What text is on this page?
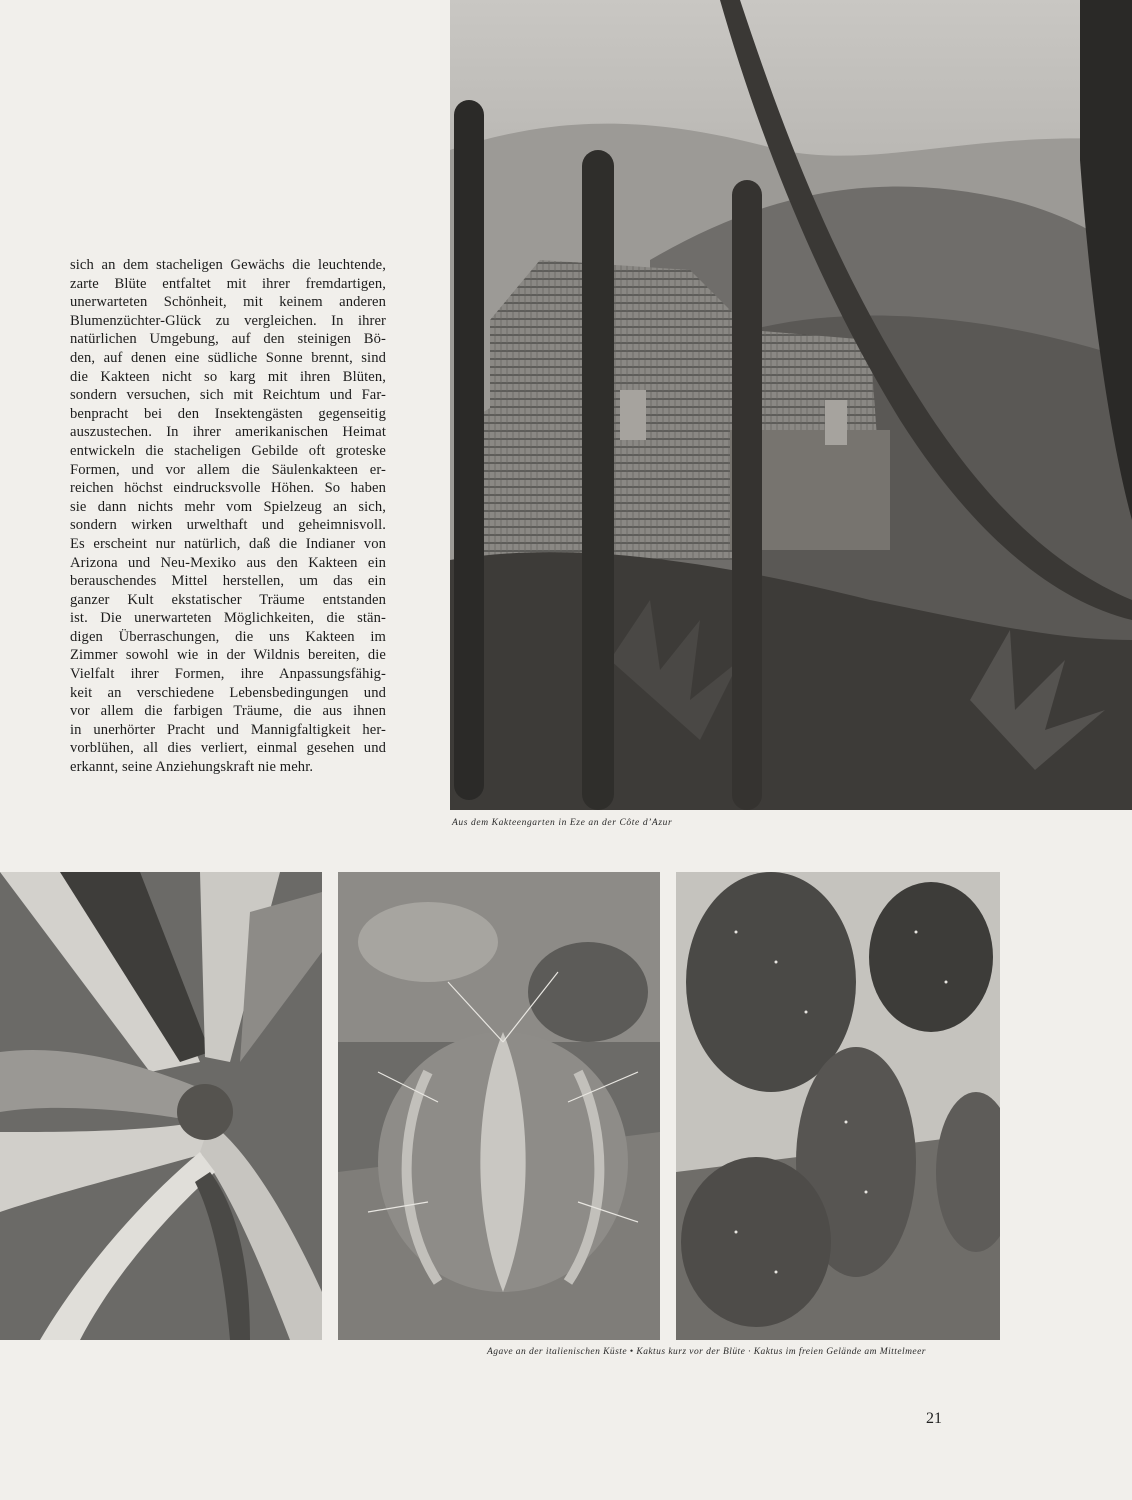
sich an dem stacheligen Gewächs die leuchtende,
zarte Blüte entfaltet mit ihrer fremdartigen,
unerwarteten Schönheit, mit keinem anderen
Blumenzüchter-Glück zu vergleichen. In ihrer
natürlichen Umgebung, auf den steinigen Bö-
den, auf denen eine südliche Sonne brennt, sind
die Kakteen nicht so karg mit ihren Blüten,
sondern versuchen, sich mit Reichtum und Far-
benpracht bei den Insektengästen gegenseitig
auszustechen. In ihrer amerikanischen Heimat
entwickeln die stacheligen Gebilde oft groteske
Formen, und vor allem die Säulenkakteen er-
reichen höchst eindrucksvolle Höhen. So haben
sie dann nichts mehr vom Spielzeug an sich,
sondern wirken urwelthaft und geheimnisvoll.
Es erscheint nur natürlich, daß die Indianer von
Arizona und Neu-Mexiko aus den Kakteen ein
berauschendes Mittel herstellen, um das ein
ganzer Kult ekstatischer Träume entstanden
ist. Die unerwarteten Möglichkeiten, die stän-
digen Überraschungen, die uns Kakteen im
Zimmer sowohl wie in der Wildnis bereiten, die
Vielfalt ihrer Formen, ihre Anpassungsfähig-
keit an verschiedene Lebensbedingungen und
vor allem die farbigen Träume, die aus ihnen
in unerhörter Pracht und Mannigfaltigkeit her-
vorblühen, all dies verliert, einmal gesehen und
erkannt, seine Anziehungskraft nie mehr.

Aus dem Kakteengarten in Eze an der Côte d’Azur

Agave an der italienischen Küste • Kaktus kurz vor der Blüte · Kaktus im freien Gelände am Mittelmeer

21
